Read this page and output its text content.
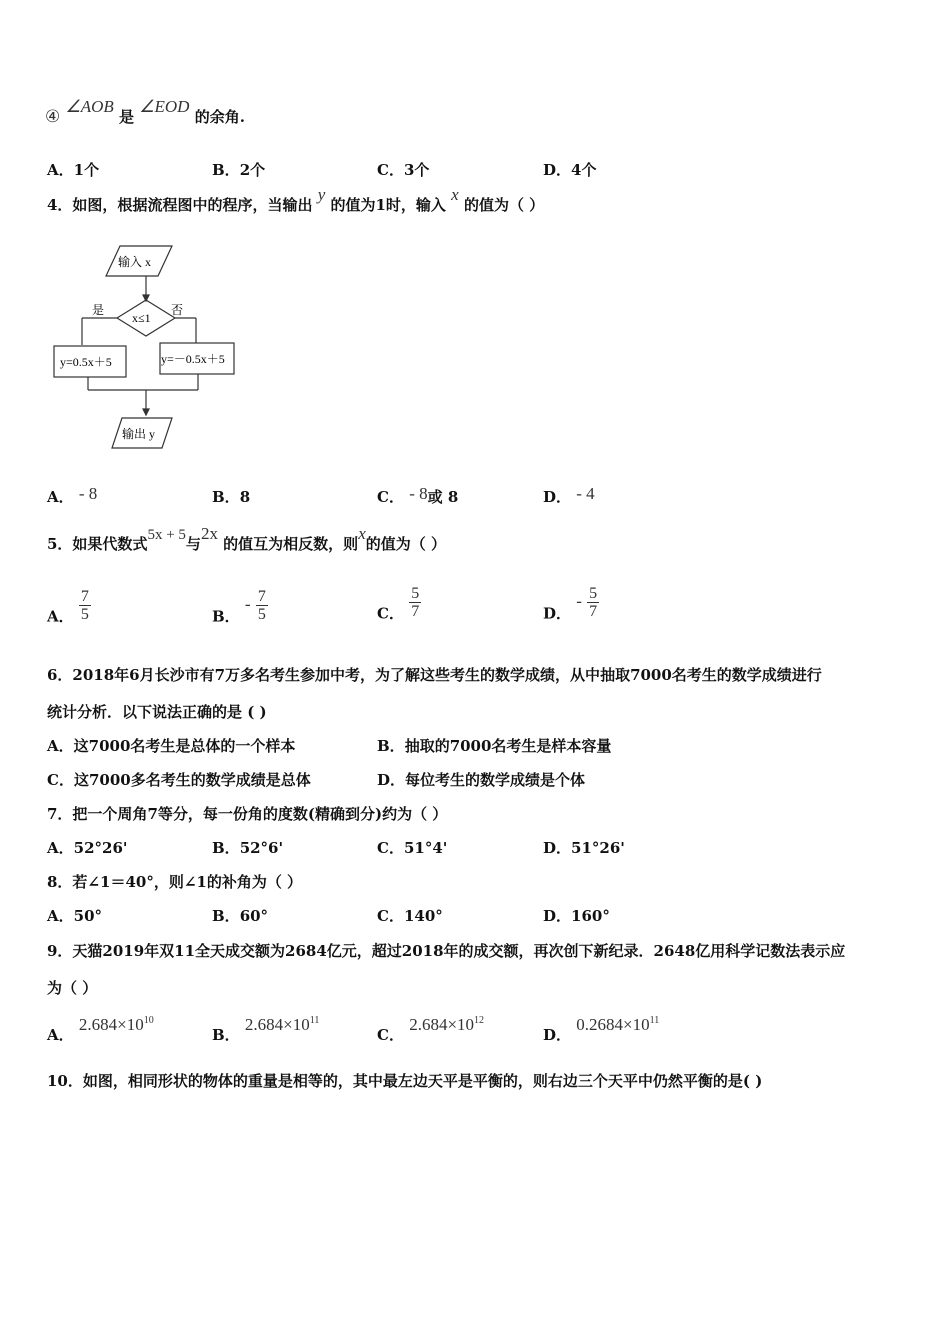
④ ∠AOB 是 ∠EOD 的余角.
A．1个	B．2个	C．3个	D．4个
4．如图，根据流程图中的程序，当输出 y 的值为1时，输入 x 的值为（ ）
输入 x
x≤1
是	否
y=0.5x＋5	y=－0.5x＋5
输出 y
A． - 8	B．8	C． - 8或 8	D． - 4
5．如果代数式5x + 5与2x 的值互为相反数，则x的值为（ ）
A． $\frac{7}{5}$	B． - $\frac{7}{5}$	C． $\frac{5}{7}$	D． - $\frac{5}{7}$
6．2018年6月长沙市有7万多名考生参加中考，为了解这些考生的数学成绩，从中抽取7000名考生的数学成绩进行
统计分析．以下说法正确的是 ( )
A．这7000名考生是总体的一个样本	B．抽取的7000名考生是样本容量
C．这7000多名考生的数学成绩是总体	D．每位考生的数学成绩是个体
7．把一个周角7等分，每一份角的度数(精确到分)约为（ ）
A．52°26'	B．52°6'	C．51°4'	D．51°26'
8．若∠1＝40°，则∠1的补角为（ ）
A．50°	B．60°	C．140°	D．160°
9．天猫2019年双11全天成交额为2684亿元，超过2018年的成交额，再次创下新纪录．2648亿用科学记数法表示应
为（ ）
A． $2.684\times 10^{10}$
B． $2.684\times 10^{11}$
C． $2.684\times 10^{12}$
D． $0.2684\times 10^{11}$
10．如图，相同形状的物体的重量是相等的，其中最左边天平是平衡的，则右边三个天平中仍然平衡的是( )
